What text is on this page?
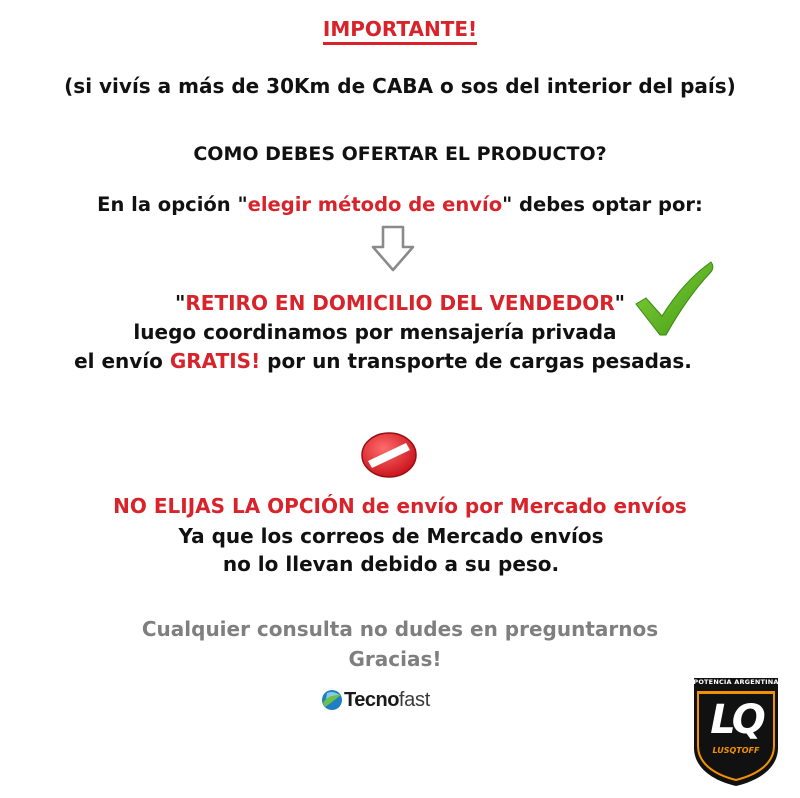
IMPORTANTE!
(si vivís a más de 30Km de CABA o sos del interior del país)
COMO DEBES OFERTAR EL PRODUCTO?
En la opción "elegir método de envío" debes optar por:
"RETIRO EN DOMICILIO DEL VENDEDOR"
luego coordinamos por mensajería privada
el envío GRATIS! por un transporte de cargas pesadas.
NO ELIJAS LA OPCIÓN de envío por Mercado envíos
Ya que los correos de Mercado envíos
no lo llevan debido a su peso.
Cualquier consulta no dudes en preguntarnos
Gracias!
Tecno fast
POTENCIA ARGENTINA
LQ
LUSQTOFF
